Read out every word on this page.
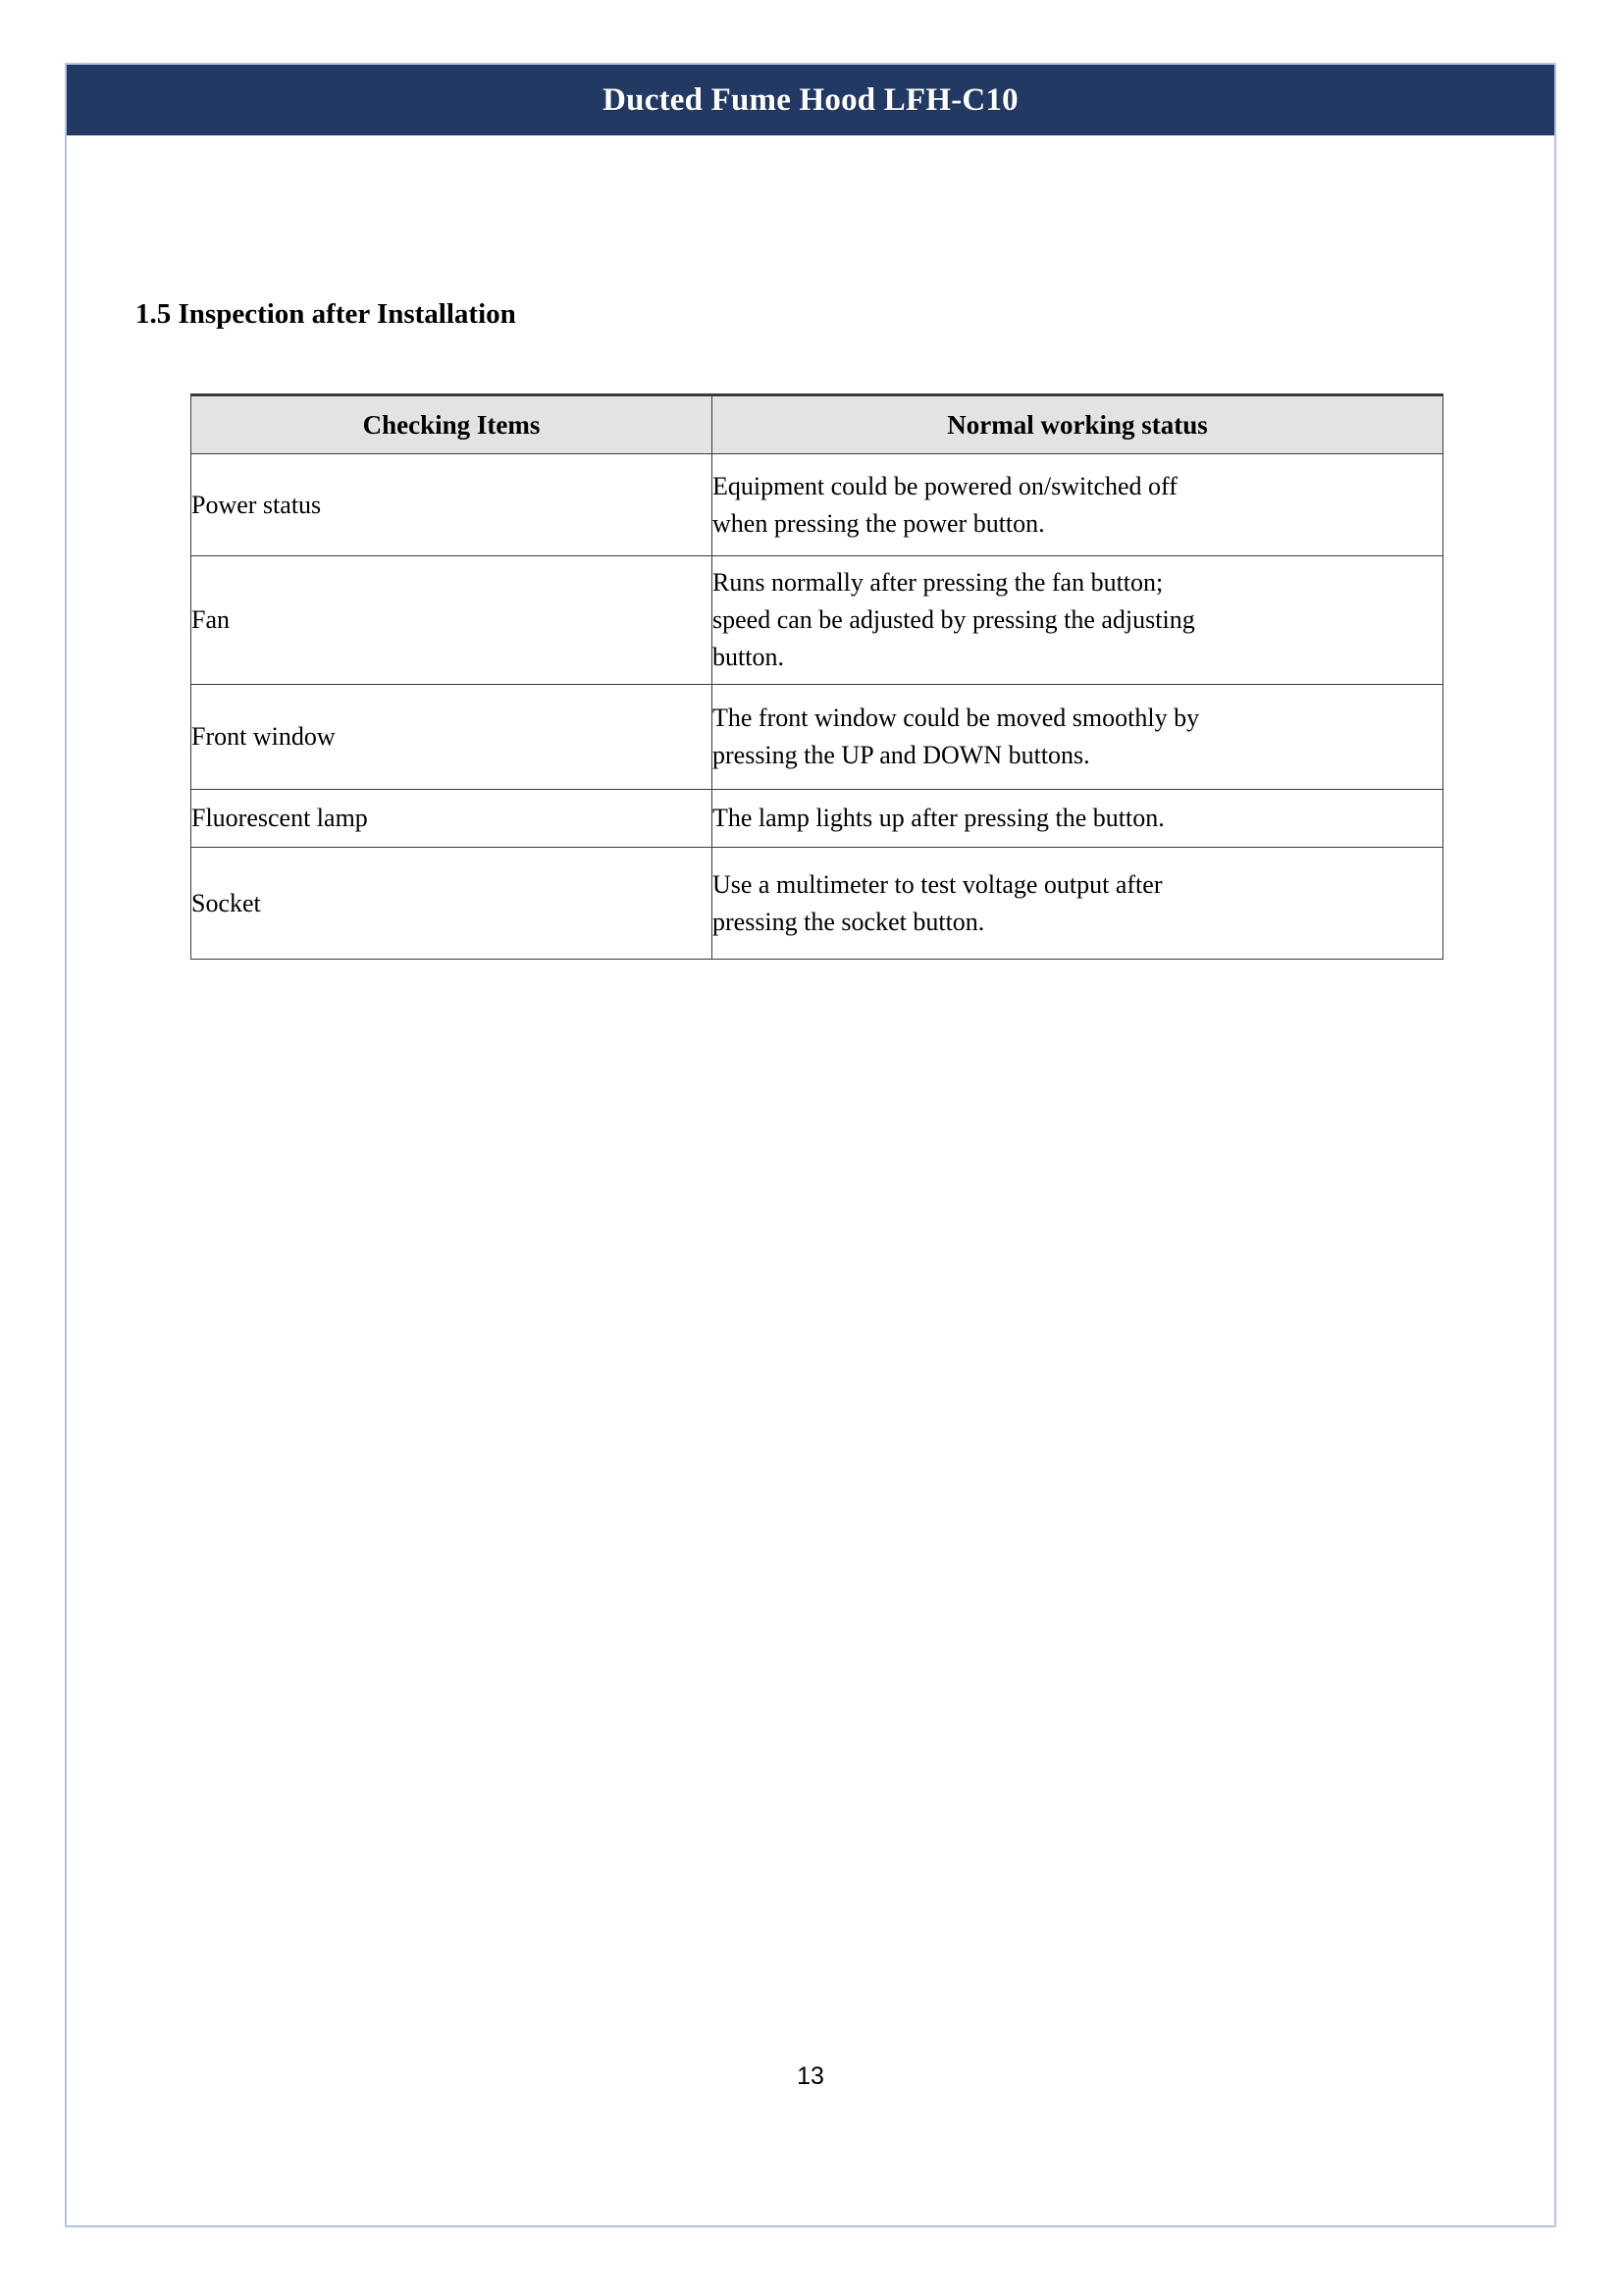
Ducted Fume Hood LFH-C10
1.5 Inspection after Installation
Checking Items	Normal working status
Power status	Equipment could be powered on/switched off
when pressing the power button.

Fan	Runs normally after pressing the fan button;
speed can be adjusted by pressing the adjusting
button.

Front window	The front window could be moved smoothly by
pressing the UP and DOWN buttons.

Fluorescent lamp	The lamp lights up after pressing the button.

Socket	Use a multimeter to test voltage output after
pressing the socket button.
13
